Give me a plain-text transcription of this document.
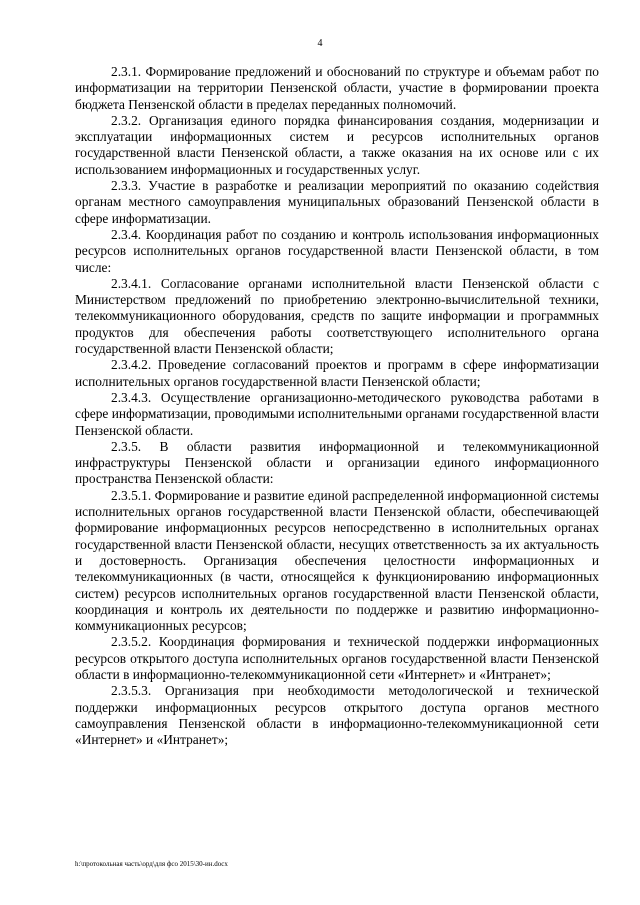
4

2.3.1. Формирование предложений и обоснований по структуре и объемам работ по информатизации на территории Пензенской области, участие в формировании проекта бюджета Пензенской области в пределах переданных полномочий.

2.3.2. Организация единого порядка финансирования создания, модернизации и эксплуатации информационных систем и ресурсов исполнительных органов государственной власти Пензенской области, а также оказания на их основе или с их использованием информационных и государственных услуг.

2.3.3. Участие в разработке и реализации мероприятий по оказанию содействия органам местного самоуправления муниципальных образований Пензенской области в сфере информатизации.

2.3.4. Координация работ по созданию и контроль использования информационных ресурсов исполнительных органов государственной власти Пензенской области, в том числе:

2.3.4.1. Согласование органами исполнительной власти Пензенской области с Министерством предложений по приобретению электронно-вычислительной техники, телекоммуникационного оборудования, средств по защите информации и программных продуктов для обеспечения работы соответствующего исполнительного органа государственной власти Пензенской области;

2.3.4.2. Проведение согласований проектов и программ в сфере информатизации исполнительных органов государственной власти Пензенской области;

2.3.4.3. Осуществление организационно-методического руководства работами в сфере информатизации, проводимыми исполнительными органами государственной власти Пензенской области.

2.3.5. В области развития информационной и телекоммуникационной инфраструктуры Пензенской области и организации единого информационного пространства Пензенской области:

2.3.5.1. Формирование и развитие единой распределенной информационной системы исполнительных органов государственной власти Пензенской области, обеспечивающей формирование информационных ресурсов непосредственно в исполнительных органах государственной власти Пензенской области, несущих ответственность за их актуальность и достоверность. Организация обеспечения целостности информационных и телекоммуникационных (в части, относящейся к функционированию информационных систем) ресурсов исполнительных органов государственной власти Пензенской области, координация и контроль их деятельности по поддержке и развитию информационно-коммуникационных ресурсов;

2.3.5.2. Координация формирования и технической поддержки информационных ресурсов открытого доступа исполнительных органов государственной власти Пензенской области в информационно-телекоммуникационной сети «Интернет» и «Интранет»;

2.3.5.3. Организация при необходимости методологической и технической поддержки информационных ресурсов открытого доступа органов местного самоуправления Пензенской области в информационно-телекоммуникационной сети «Интернет» и «Интранет»;

h:\протокольная часть\орд\для фсо 2015\30-ин.docx
